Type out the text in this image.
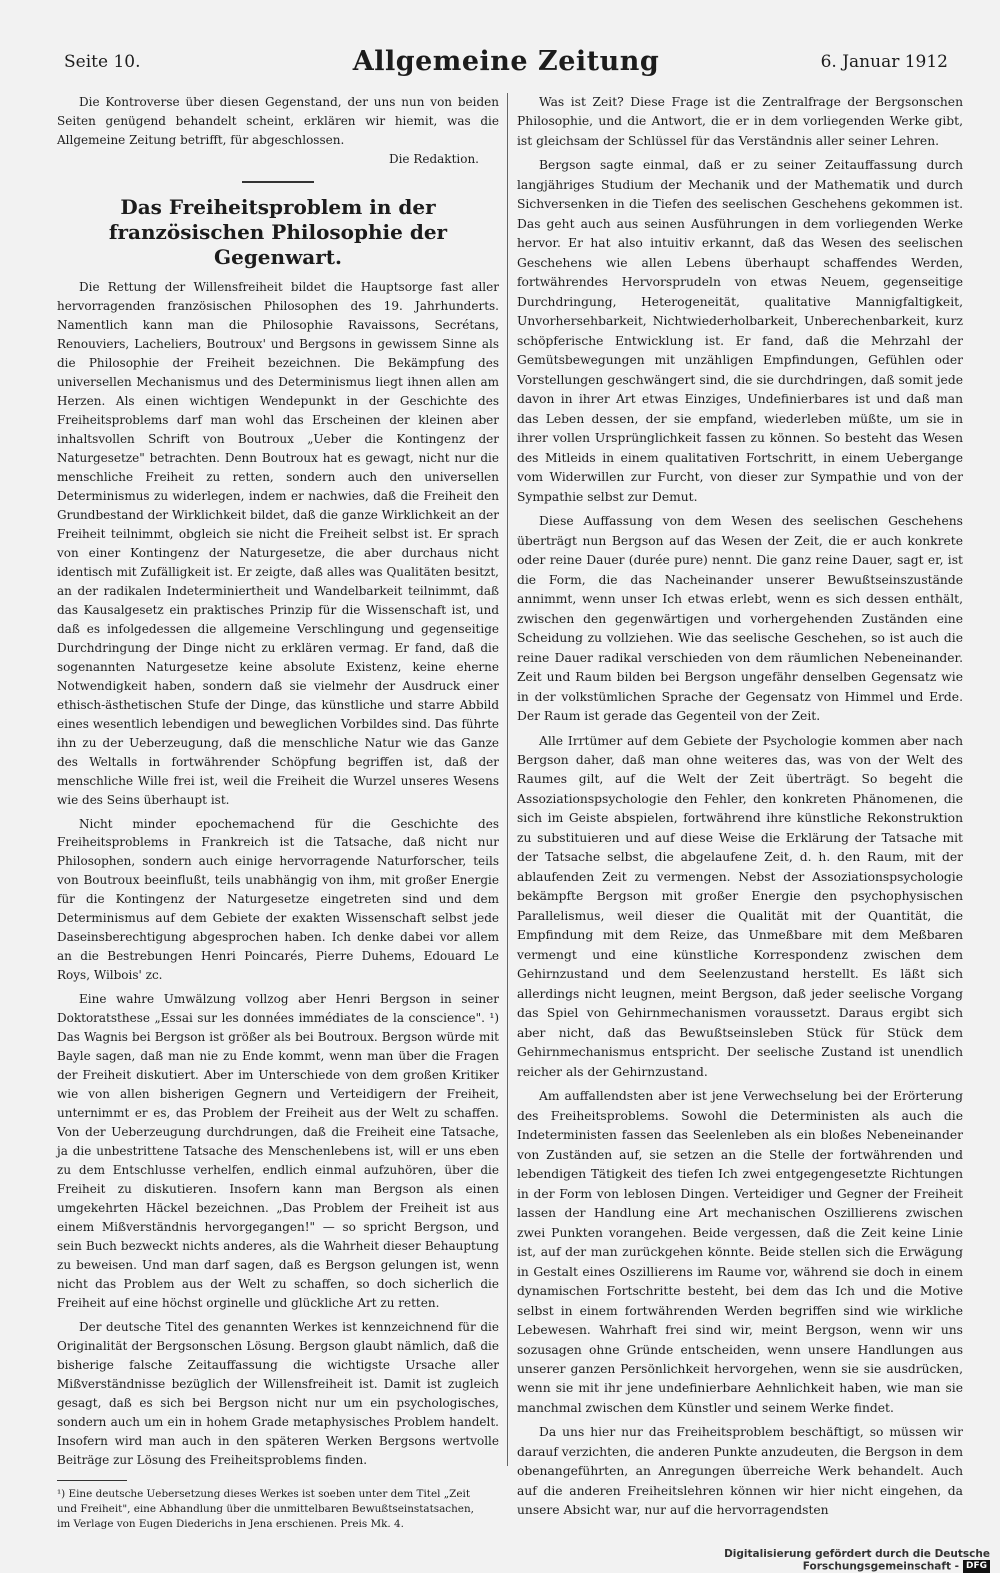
Seite 10.	Allgemeine Zeitung	6. Januar 1912

Die Kontroverse über diesen Gegenstand, der uns nun von beiden Seiten genügend behandelt scheint, erklären wir hiemit, was die Allgemeine Zeitung betrifft, für abgeschlossen.

Die Redaktion.

Das Freiheitsproblem in der französischen Philosophie der Gegenwart.

Die Rettung der Willensfreiheit bildet die Hauptsorge fast aller hervorragenden französischen Philosophen des 19. Jahrhunderts. Namentlich kann man die Philosophie Ravaissons, Secrétans, Renouviers, Lacheliers, Boutroux' und Bergsons in gewissem Sinne als die Philosophie der Freiheit bezeichnen. Die Bekämpfung des universellen Mechanismus und des Determinismus liegt ihnen allen am Herzen. Als einen wichtigen Wendepunkt in der Geschichte des Freiheitsproblems darf man wohl das Erscheinen der kleinen aber inhaltsvollen Schrift von Boutroux „Ueber die Kontingenz der Naturgesetze" betrachten. Denn Boutroux hat es gewagt, nicht nur die menschliche Freiheit zu retten, sondern auch den universellen Determinismus zu widerlegen, indem er nachwies, daß die Freiheit den Grundbestand der Wirklichkeit bildet, daß die ganze Wirklichkeit an der Freiheit teilnimmt, obgleich sie nicht die Freiheit selbst ist. Er sprach von einer Kontingenz der Naturgesetze, die aber durchaus nicht identisch mit Zufälligkeit ist. Er zeigte, daß alles was Qualitäten besitzt, an der radikalen Indeterminiertheit und Wandelbarkeit teilnimmt, daß das Kausalgesetz ein praktisches Prinzip für die Wissenschaft ist, und daß es infolgedessen die allgemeine Verschlingung und gegenseitige Durchdringung der Dinge nicht zu erklären vermag. Er fand, daß die sogenannten Naturgesetze keine absolute Existenz, keine eherne Notwendigkeit haben, sondern daß sie vielmehr der Ausdruck einer ethisch-ästhetischen Stufe der Dinge, das künstliche und starre Abbild eines wesentlich lebendigen und beweglichen Vorbildes sind. Das führte ihn zu der Ueberzeugung, daß die menschliche Natur wie das Ganze des Weltalls in fortwährender Schöpfung begriffen ist, daß der menschliche Wille frei ist, weil die Freiheit die Wurzel unseres Wesens wie des Seins überhaupt ist.

Nicht minder epochemachend für die Geschichte des Freiheitsproblems in Frankreich ist die Tatsache, daß nicht nur Philosophen, sondern auch einige hervorragende Naturforscher, teils von Boutroux beeinflußt, teils unabhängig von ihm, mit großer Energie für die Kontingenz der Naturgesetze eingetreten sind und dem Determinismus auf dem Gebiete der exakten Wissenschaft selbst jede Daseinsberechtigung abgesprochen haben. Ich denke dabei vor allem an die Bestrebungen Henri Poincarés, Pierre Duhems, Edouard Le Roys, Wilbois' zc.

Eine wahre Umwälzung vollzog aber Henri Bergson in seiner Doktoratsthese „Essai sur les données immédiates de la conscience". ¹) Das Wagnis bei Bergson ist größer als bei Boutroux. Bergson würde mit Bayle sagen, daß man nie zu Ende kommt, wenn man über die Fragen der Freiheit diskutiert. Aber im Unterschiede von dem großen Kritiker wie von allen bisherigen Gegnern und Verteidigern der Freiheit, unternimmt er es, das Problem der Freiheit aus der Welt zu schaffen. Von der Ueberzeugung durchdrungen, daß die Freiheit eine Tatsache, ja die unbestrittene Tatsache des Menschenlebens ist, will er uns eben zu dem Entschlusse verhelfen, endlich einmal aufzuhören, über die Freiheit zu diskutieren. Insofern kann man Bergson als einen umgekehrten Häckel bezeichnen. „Das Problem der Freiheit ist aus einem Mißverständnis hervorgegangen!" — so spricht Bergson, und sein Buch bezweckt nichts anderes, als die Wahrheit dieser Behauptung zu beweisen. Und man darf sagen, daß es Bergson gelungen ist, wenn nicht das Problem aus der Welt zu schaffen, so doch sicherlich die Freiheit auf eine höchst orginelle und glückliche Art zu retten.

Der deutsche Titel des genannten Werkes ist kennzeichnend für die Originalität der Bergsonschen Lösung. Bergson glaubt nämlich, daß die bisherige falsche Zeitauffassung die wichtigste Ursache aller Mißverständnisse bezüglich der Willensfreiheit ist. Damit ist zugleich gesagt, daß es sich bei Bergson nicht nur um ein psychologisches, sondern auch um ein in hohem Grade metaphysisches Problem handelt. Insofern wird man auch in den späteren Werken Bergsons wertvolle Beiträge zur Lösung des Freiheitsproblems finden.

¹) Eine deutsche Uebersetzung dieses Werkes ist soeben unter dem Titel „Zeit
und Freiheit", eine Abhandlung über die unmittelbaren Bewußtseinstatsachen,
im Verlage von Eugen Diederichs in Jena erschienen. Preis Mk. 4.

Was ist Zeit? Diese Frage ist die Zentralfrage der Bergsonschen Philosophie, und die Antwort, die er in dem vorliegenden Werke gibt, ist gleichsam der Schlüssel für das Verständnis aller seiner Lehren.

Bergson sagte einmal, daß er zu seiner Zeitauffassung durch langjähriges Studium der Mechanik und der Mathematik und durch Sichversenken in die Tiefen des seelischen Geschehens gekommen ist. Das geht auch aus seinen Ausführungen in dem vorliegenden Werke hervor. Er hat also intuitiv erkannt, daß das Wesen des seelischen Geschehens wie allen Lebens überhaupt schaffendes Werden, fortwährendes Hervorsprudeln von etwas Neuem, gegenseitige Durchdringung, Heterogeneität, qualitative Mannigfaltigkeit, Unvorhersehbarkeit, Nichtwiederholbarkeit, Unberechenbarkeit, kurz schöpferische Entwicklung ist. Er fand, daß die Mehrzahl der Gemütsbewegungen mit unzähligen Empfindungen, Gefühlen oder Vorstellungen geschwängert sind, die sie durchdringen, daß somit jede davon in ihrer Art etwas Einziges, Undefinierbares ist und daß man das Leben dessen, der sie empfand, wiederleben müßte, um sie in ihrer vollen Ursprünglichkeit fassen zu können. So besteht das Wesen des Mitleids in einem qualitativen Fortschritt, in einem Uebergange vom Widerwillen zur Furcht, von dieser zur Sympathie und von der Sympathie selbst zur Demut.

Diese Auffassung von dem Wesen des seelischen Geschehens überträgt nun Bergson auf das Wesen der Zeit, die er auch konkrete oder reine Dauer (durée pure) nennt. Die ganz reine Dauer, sagt er, ist die Form, die das Nacheinander unserer Bewußtseinszustände annimmt, wenn unser Ich etwas erlebt, wenn es sich dessen enthält, zwischen den gegenwärtigen und vorhergehenden Zuständen eine Scheidung zu vollziehen. Wie das seelische Geschehen, so ist auch die reine Dauer radikal verschieden von dem räumlichen Nebeneinander. Zeit und Raum bilden bei Bergson ungefähr denselben Gegensatz wie in der volkstümlichen Sprache der Gegensatz von Himmel und Erde. Der Raum ist gerade das Gegenteil von der Zeit.

Alle Irrtümer auf dem Gebiete der Psychologie kommen aber nach Bergson daher, daß man ohne weiteres das, was von der Welt des Raumes gilt, auf die Welt der Zeit überträgt. So begeht die Assoziationspsychologie den Fehler, den konkreten Phänomenen, die sich im Geiste abspielen, fortwährend ihre künstliche Rekonstruktion zu substituieren und auf diese Weise die Erklärung der Tatsache mit der Tatsache selbst, die abgelaufene Zeit, d. h. den Raum, mit der ablaufenden Zeit zu vermengen. Nebst der Assoziationspsychologie bekämpfte Bergson mit großer Energie den psychophysischen Parallelismus, weil dieser die Qualität mit der Quantität, die Empfindung mit dem Reize, das Unmeßbare mit dem Meßbaren vermengt und eine künstliche Korrespondenz zwischen dem Gehirnzustand und dem Seelenzustand herstellt. Es läßt sich allerdings nicht leugnen, meint Bergson, daß jeder seelische Vorgang das Spiel von Gehirnmechanismen voraussetzt. Daraus ergibt sich aber nicht, daß das Bewußtseinsleben Stück für Stück dem Gehirnmechanismus entspricht. Der seelische Zustand ist unendlich reicher als der Gehirnzustand.

Am auffallendsten aber ist jene Verwechselung bei der Erörterung des Freiheitsproblems. Sowohl die Deterministen als auch die Indeterministen fassen das Seelenleben als ein bloßes Nebeneinander von Zuständen auf, sie setzen an die Stelle der fortwährenden und lebendigen Tätigkeit des tiefen Ich zwei entgegengesetzte Richtungen in der Form von leblosen Dingen. Verteidiger und Gegner der Freiheit lassen der Handlung eine Art mechanischen Oszillierens zwischen zwei Punkten vorangehen. Beide vergessen, daß die Zeit keine Linie ist, auf der man zurückgehen könnte. Beide stellen sich die Erwägung in Gestalt eines Oszillierens im Raume vor, während sie doch in einem dynamischen Fortschritte besteht, bei dem das Ich und die Motive selbst in einem fortwährenden Werden begriffen sind wie wirkliche Lebewesen. Wahrhaft frei sind wir, meint Bergson, wenn wir uns sozusagen ohne Gründe entscheiden, wenn unsere Handlungen aus unserer ganzen Persönlichkeit hervorgehen, wenn sie sie ausdrücken, wenn sie mit ihr jene undefinierbare Aehnlichkeit haben, wie man sie manchmal zwischen dem Künstler und seinem Werke findet.

Da uns hier nur das Freiheitsproblem beschäftigt, so müssen wir darauf verzichten, die anderen Punkte anzudeuten, die Bergson in dem obenangeführten, an Anregungen überreiche Werk behandelt. Auch auf die anderen Freiheitslehren können wir hier nicht eingehen, da unsere Absicht war, nur auf die hervorragendsten

Digitalisierung gefördert durch die Deutsche Forschungsgemeinschaft - DFG
